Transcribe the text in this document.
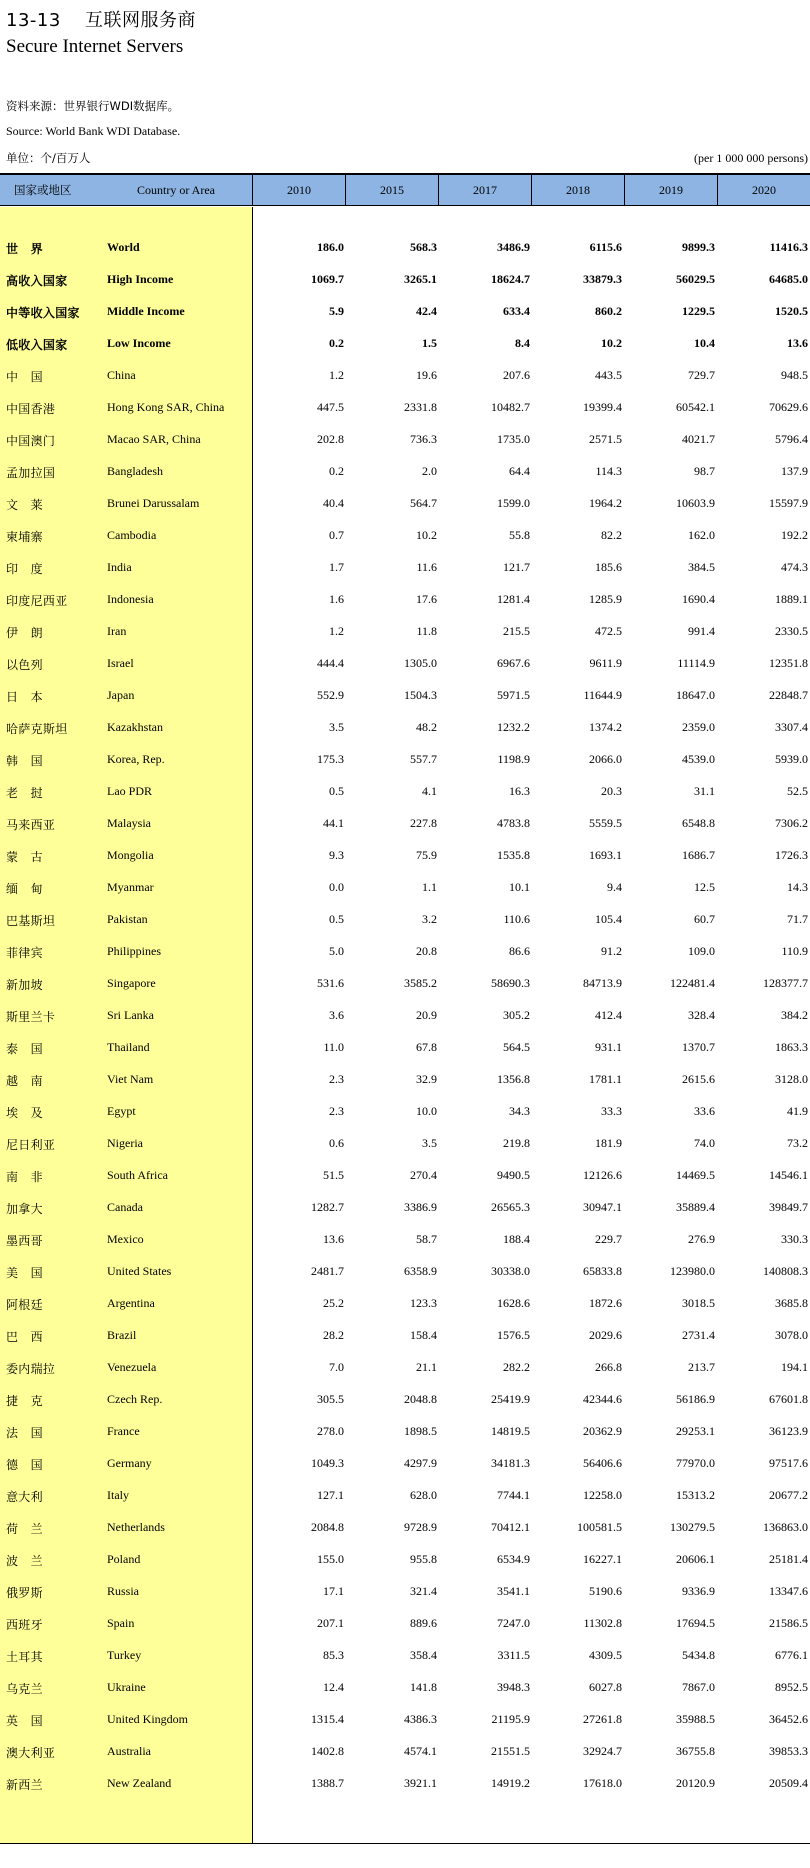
13-13 互联网服务商
Secure Internet Servers
资料来源：世界银行WDI数据库。
Source: World Bank WDI Database.
单位：个/百万人	(per 1 000 000 persons)
国家或地区	Country or Area	2010	2015	2017	2018	2019	2020
世　界	World	186.0	568.3	3486.9	6115.6	9899.3	11416.3
高收入国家	High Income	1069.7	3265.1	18624.7	33879.3	56029.5	64685.0
中等收入国家 Middle Income	5.9	42.4	633.4	860.2	1229.5	1520.5
低收入国家	Low Income	0.2	1.5	8.4	10.2	10.4	13.6
中　国	China	1.2	19.6	207.6	443.5	729.7	948.5
中国香港	Hong Kong SAR, China	447.5	2331.8	10482.7	19399.4	60542.1	70629.6
中国澳门	Macao SAR, China	202.8	736.3	1735.0	2571.5	4021.7	5796.4
孟加拉国	Bangladesh	0.2	2.0	64.4	114.3	98.7	137.9
文　莱	Brunei Darussalam	40.4	564.7	1599.0	1964.2	10603.9	15597.9
柬埔寨	Cambodia	0.7	10.2	55.8	82.2	162.0	192.2
印　度	India	1.7	11.6	121.7	185.6	384.5	474.3
印度尼西亚	Indonesia	1.6	17.6	1281.4	1285.9	1690.4	1889.1
伊　朗	Iran	1.2	11.8	215.5	472.5	991.4	2330.5
以色列	Israel	444.4	1305.0	6967.6	9611.9	11114.9	12351.8
日　本	Japan	552.9	1504.3	5971.5	11644.9	18647.0	22848.7
哈萨克斯坦	Kazakhstan	3.5	48.2	1232.2	1374.2	2359.0	3307.4
韩　国	Korea, Rep.	175.3	557.7	1198.9	2066.0	4539.0	5939.0
老　挝	Lao PDR	0.5	4.1	16.3	20.3	31.1	52.5
马来西亚	Malaysia	44.1	227.8	4783.8	5559.5	6548.8	7306.2
蒙　古	Mongolia	9.3	75.9	1535.8	1693.1	1686.7	1726.3
缅　甸	Myanmar	0.0	1.1	10.1	9.4	12.5	14.3
巴基斯坦	Pakistan	0.5	3.2	110.6	105.4	60.7	71.7
菲律宾	Philippines	5.0	20.8	86.6	91.2	109.0	110.9
新加坡	Singapore	531.6	3585.2	58690.3	84713.9	122481.4	128377.7
斯里兰卡	Sri Lanka	3.6	20.9	305.2	412.4	328.4	384.2
泰　国	Thailand	11.0	67.8	564.5	931.1	1370.7	1863.3
越　南	Viet Nam	2.3	32.9	1356.8	1781.1	2615.6	3128.0
埃　及	Egypt	2.3	10.0	34.3	33.3	33.6	41.9
尼日利亚	Nigeria	0.6	3.5	219.8	181.9	74.0	73.2
南　非	South Africa	51.5	270.4	9490.5	12126.6	14469.5	14546.1
加拿大	Canada	1282.7	3386.9	26565.3	30947.1	35889.4	39849.7
墨西哥	Mexico	13.6	58.7	188.4	229.7	276.9	330.3
美　国	United States	2481.7	6358.9	30338.0	65833.8	123980.0	140808.3
阿根廷	Argentina	25.2	123.3	1628.6	1872.6	3018.5	3685.8
巴　西	Brazil	28.2	158.4	1576.5	2029.6	2731.4	3078.0
委内瑞拉	Venezuela	7.0	21.1	282.2	266.8	213.7	194.1
捷　克	Czech Rep.	305.5	2048.8	25419.9	42344.6	56186.9	67601.8
法　国	France	278.0	1898.5	14819.5	20362.9	29253.1	36123.9
德　国	Germany	1049.3	4297.9	34181.3	56406.6	77970.0	97517.6
意大利	Italy	127.1	628.0	7744.1	12258.0	15313.2	20677.2
荷　兰	Netherlands	2084.8	9728.9	70412.1	100581.5	130279.5	136863.0
波　兰	Poland	155.0	955.8	6534.9	16227.1	20606.1	25181.4
俄罗斯	Russia	17.1	321.4	3541.1	5190.6	9336.9	13347.6
西班牙	Spain	207.1	889.6	7247.0	11302.8	17694.5	21586.5
土耳其	Turkey	85.3	358.4	3311.5	4309.5	5434.8	6776.1
乌克兰	Ukraine	12.4	141.8	3948.3	6027.8	7867.0	8952.5
英　国	United Kingdom	1315.4	4386.3	21195.9	27261.8	35988.5	36452.6
澳大利亚	Australia	1402.8	4574.1	21551.5	32924.7	36755.8	39853.3
新西兰	New Zealand	1388.7	3921.1	14919.2	17618.0	20120.9	20509.4
